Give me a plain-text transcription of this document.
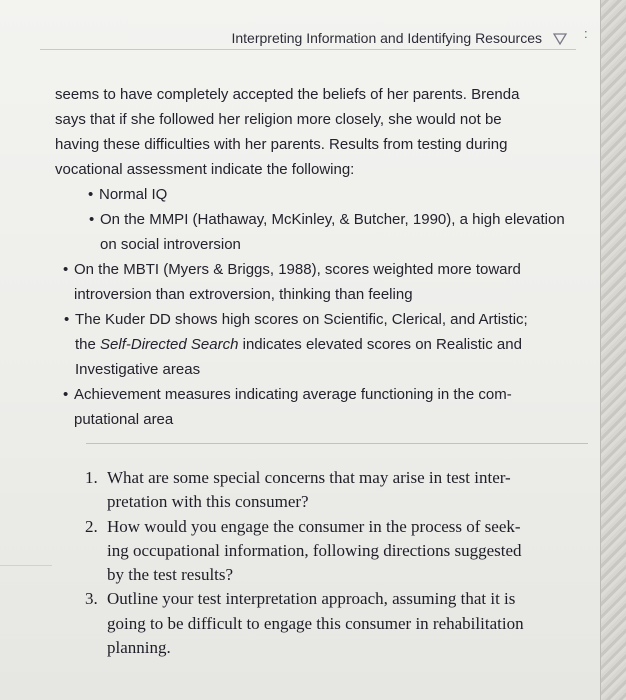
Interpreting Information and Identifying Resources	:

seems to have completely accepted the beliefs of her parents. Brenda
says that if she followed her religion more closely, she would not be
having these difficulties with her parents. Results from testing during
vocational assessment indicate the following:

• Normal IQ
• On the MMPI (Hathaway, McKinley, & Butcher, 1990), a high elevation
on social introversion
• On the MBTI (Myers & Briggs, 1988), scores weighted more toward
introversion than extroversion, thinking than feeling
• The Kuder DD shows high scores on Scientific, Clerical, and Artistic;
the Self-Directed Search indicates elevated scores on Realistic and
Investigative areas
• Achievement measures indicating average functioning in the com-
putational area
1. What are some special concerns that may arise in test inter-
pretation with this consumer?
2. How would you engage the consumer in the process of seek-
ing occupational information, following directions suggested
by the test results?
3. Outline your test interpretation approach, assuming that it is
going to be difficult to engage this consumer in rehabilitation
planning.
